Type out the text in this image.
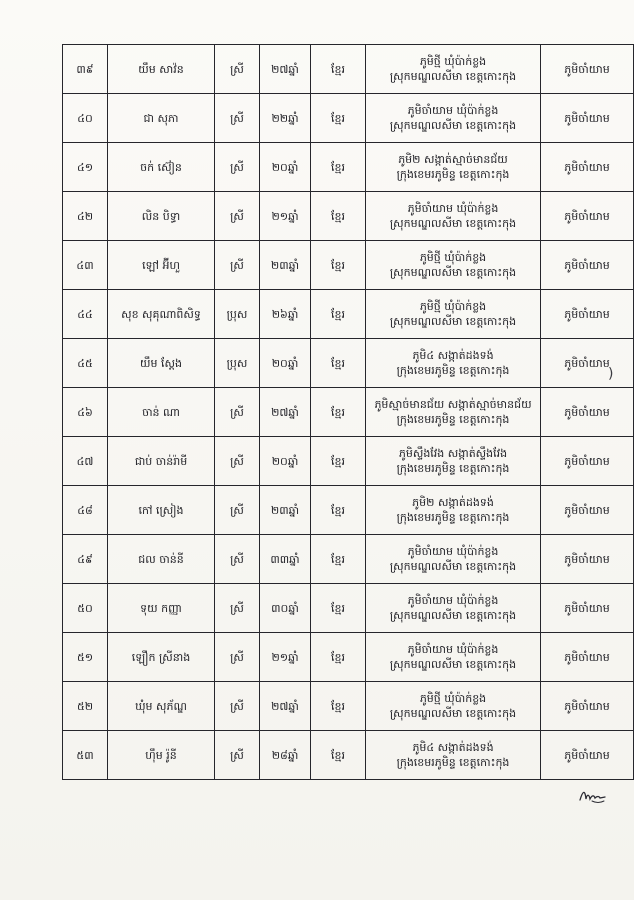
៣៩	យឹម សាវ៉ន	ស្រី	២៧ឆ្នាំ	ខ្មែរ	ភូមិថ្មី ឃុំប៉ាក់ខ្លង
ស្រុកមណ្ឌលសីមា ខេត្តកោះកុង	ភូមិចាំយាម
៤០	ជា សុភា	ស្រី	២២ឆ្នាំ	ខ្មែរ	ភូមិចាំយាម ឃុំប៉ាក់ខ្លង
ស្រុកមណ្ឌលសីមា ខេត្តកោះកុង	ភូមិចាំយាម
៤១	ចក់ ស៊ៀន	ស្រី	២០ឆ្នាំ	ខ្មែរ	ភូមិ២ សង្កាត់ស្មាច់មានជ័យ
ក្រុងខេមរភូមិន្ទ ខេត្តកោះកុង	ភូមិចាំយាម
៤២	លិន បិទ្ធា	ស្រី	២១ឆ្នាំ	ខ្មែរ	ភូមិចាំយាម ឃុំប៉ាក់ខ្លង
ស្រុកមណ្ឌលសីមា ខេត្តកោះកុង	ភូមិចាំយាម
៤៣	ឡៅ អ៊ីហួ	ស្រី	២៣ឆ្នាំ	ខ្មែរ	ភូមិថ្មី ឃុំប៉ាក់ខ្លង
ស្រុកមណ្ឌលសីមា ខេត្តកោះកុង	ភូមិចាំយាម
៤៤	សុខ សុគុណាពិសិទ្ធ	ប្រុស	២៦ឆ្នាំ	ខ្មែរ	ភូមិថ្មី ឃុំប៉ាក់ខ្លង
ស្រុកមណ្ឌលសីមា ខេត្តកោះកុង	ភូមិចាំយាម
៤៥	យឹម ស្តែង	ប្រុស	២០ឆ្នាំ	ខ្មែរ	ភូមិ៤ សង្កាត់ដងទង់
ក្រុងខេមរភូមិន្ទ ខេត្តកោះកុង	ភូមិចាំយាម
៤៦	ចាន់ ណា	ស្រី	២៧ឆ្នាំ	ខ្មែរ	ភូមិស្មាច់មានជ័យ សង្កាត់ស្មាច់មានជ័យ
ក្រុងខេមរភូមិន្ទ ខេត្តកោះកុង	ភូមិចាំយាម
៤៧	ជាប់ ចាន់រ៉ាមី	ស្រី	២០ឆ្នាំ	ខ្មែរ	ភូមិស្ទឹងវែង សង្កាត់ស្ទឹងវែង
ក្រុងខេមរភូមិន្ទ ខេត្តកោះកុង	ភូមិចាំយាម
៤៨	កៅ ស្រៀង	ស្រី	២៣ឆ្នាំ	ខ្មែរ	ភូមិ២ សង្កាត់ដងទង់
ក្រុងខេមរភូមិន្ទ ខេត្តកោះកុង	ភូមិចាំយាម
៤៩	ជល ចាន់នី	ស្រី	៣៣ឆ្នាំ	ខ្មែរ	ភូមិចាំយាម ឃុំប៉ាក់ខ្លង
ស្រុកមណ្ឌលសីមា ខេត្តកោះកុង	ភូមិចាំយាម
៥០	ទុយ កញ្ញា	ស្រី	៣០ឆ្នាំ	ខ្មែរ	ភូមិចាំយាម ឃុំប៉ាក់ខ្លង
ស្រុកមណ្ឌលសីមា ខេត្តកោះកុង	ភូមិចាំយាម
៥១	ឡឿក ស្រីនាង	ស្រី	២១ឆ្នាំ	ខ្មែរ	ភូមិចាំយាម ឃុំប៉ាក់ខ្លង
ស្រុកមណ្ឌលសីមា ខេត្តកោះកុង	ភូមិចាំយាម
៥២	ឃុំម សុភ័ណ្ឌ	ស្រី	២៧ឆ្នាំ	ខ្មែរ	ភូមិថ្មី ឃុំប៉ាក់ខ្លង
ស្រុកមណ្ឌលសីមា ខេត្តកោះកុង	ភូមិចាំយាម
៥៣	ហ៊ឹម រ៉ូនី	ស្រី	២៨ឆ្នាំ	ខ្មែរ	ភូមិ៤ សង្កាត់ដងទង់
ក្រុងខេមរភូមិន្ទ ខេត្តកោះកុង	ភូមិចាំយាម
)
